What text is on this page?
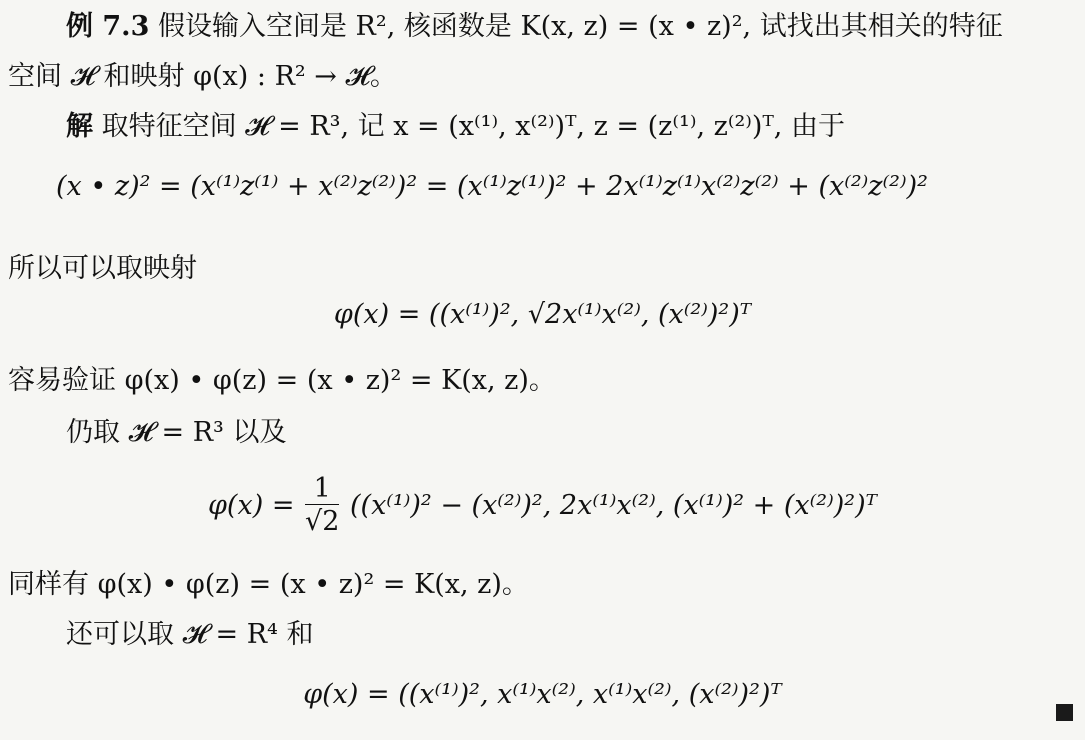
例 7.3 假设输入空间是 R², 核函数是 K(x, z) = (x • z)², 试找出其相关的特征
空间 𝓗 和映射 φ(x) : R² → 𝓗。
解 取特征空间 𝓗 = R³, 记 x = (x⁽¹⁾, x⁽²⁾)ᵀ, z = (z⁽¹⁾, z⁽²⁾)ᵀ, 由于
(x • z)² = (x⁽¹⁾z⁽¹⁾ + x⁽²⁾z⁽²⁾)² = (x⁽¹⁾z⁽¹⁾)² + 2x⁽¹⁾z⁽¹⁾x⁽²⁾z⁽²⁾ + (x⁽²⁾z⁽²⁾)²
所以可以取映射
φ(x) = ((x⁽¹⁾)², √2x⁽¹⁾x⁽²⁾, (x⁽²⁾)²)ᵀ
容易验证 φ(x) • φ(z) = (x • z)² = K(x, z)。
仍取 𝓗 = R³ 以及
$\varphi(x) = \frac{1}{√2} ((x^{(1)})^2 - (x^{(2)})^2$, 2x⁽¹⁾x⁽²⁾, (x⁽¹⁾)² + (x⁽²⁾)²)ᵀ
同样有 φ(x) • φ(z) = (x • z)² = K(x, z)。
还可以取 𝓗 = R⁴ 和
φ(x) = ((x⁽¹⁾)², x⁽¹⁾x⁽²⁾, x⁽¹⁾x⁽²⁾, (x⁽²⁾)²)ᵀ
